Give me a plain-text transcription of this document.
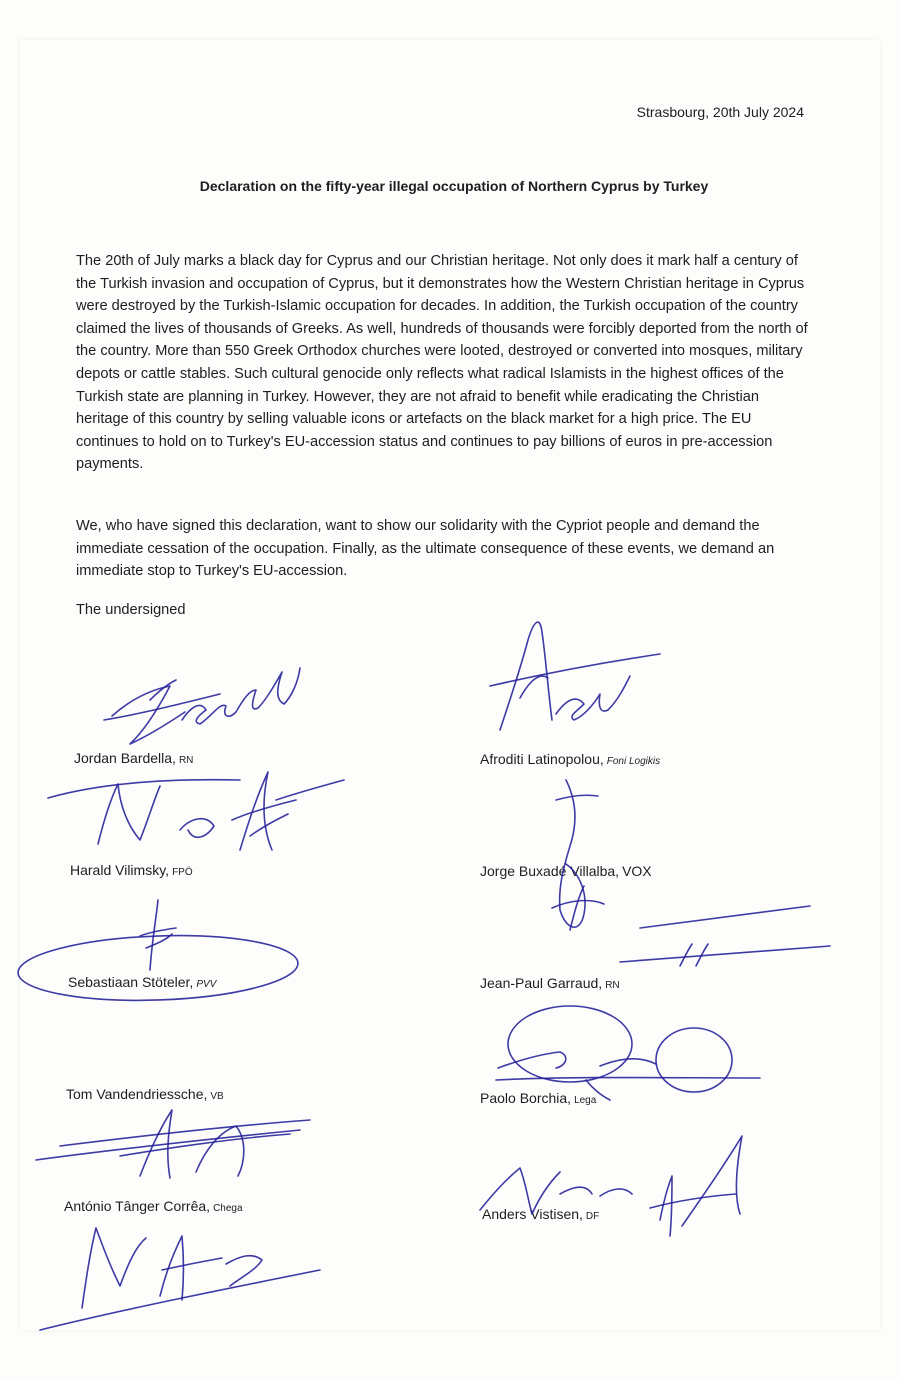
Strasbourg, 20th July 2024
Declaration on the fifty-year illegal occupation of Northern Cyprus by Turkey

The 20th of July marks a black day for Cyprus and our Christian heritage. Not only does it mark half a century of the Turkish invasion and occupation of Cyprus, but it demonstrates how the Western Christian heritage in Cyprus were destroyed by the Turkish-Islamic occupation for decades. In addition, the Turkish occupation of the country claimed the lives of thousands of Greeks. As well, hundreds of thousands were forcibly deported from the north of the country. More than 550 Greek Orthodox churches were looted, destroyed or converted into mosques, military depots or cattle stables. Such cultural genocide only reflects what radical Islamists in the highest offices of the Turkish state are planning in Turkey. However, they are not afraid to benefit while eradicating the Christian heritage of this country by selling valuable icons or artefacts on the black market for a high price. The EU continues to hold on to Turkey's EU-accession status and continues to pay billions of euros in pre-accession payments.

We, who have signed this declaration, want to show our solidarity with the Cypriot people and demand the immediate cessation of the occupation. Finally, as the ultimate consequence of these events, we demand an immediate stop to Turkey's EU-accession.

The undersigned
Jordan Bardella, RN
Harald Vilimsky, FPÖ
Sebastiaan Stöteler, PVV
Tom Vandendriessche, VB
António Tânger Corrêa, Chega
Afroditi Latinopolou, Foni Logikis
Jorge Buxadé Villalba, VOX
Jean-Paul Garraud, RN
Paolo Borchia, Lega
Anders Vistisen, DF
